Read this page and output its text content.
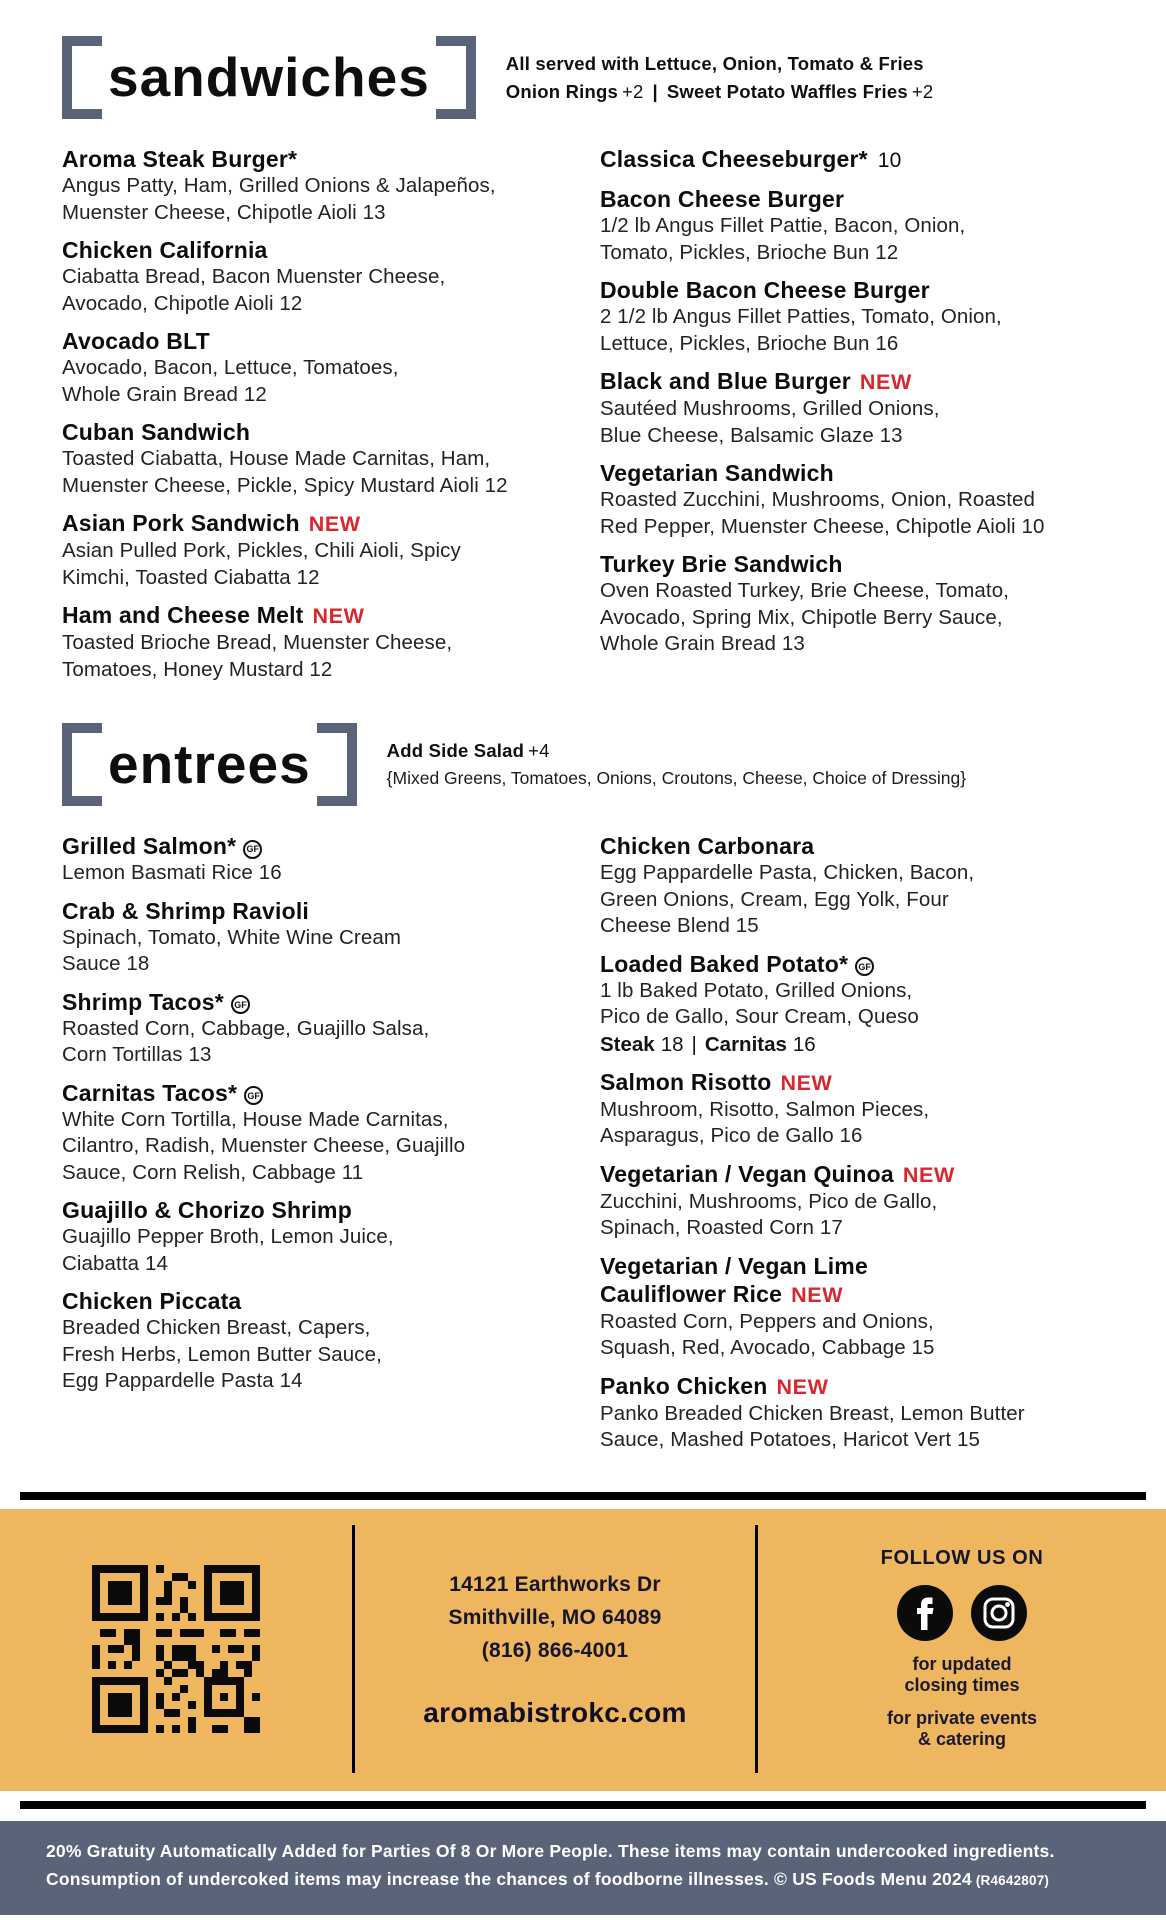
sandwiches	All served with Lettuce, Onion, Tomato & Fries
Onion Rings +2 | Sweet Potato Waffles Fries +2
Aroma Steak Burger*
Angus Patty, Ham, Grilled Onions & Jalapeños,
Muenster Cheese, Chipotle Aioli 13
Chicken California
Ciabatta Bread, Bacon Muenster Cheese,
Avocado, Chipotle Aioli 12
Avocado BLT
Avocado, Bacon, Lettuce, Tomatoes,
Whole Grain Bread 12
Cuban Sandwich
Toasted Ciabatta, House Made Carnitas, Ham,
Muenster Cheese, Pickle, Spicy Mustard Aioli 12
Asian Pork Sandwich NEW
Asian Pulled Pork, Pickles, Chili Aioli, Spicy
Kimchi, Toasted Ciabatta 12
Ham and Cheese Melt NEW
Toasted Brioche Bread, Muenster Cheese,
Tomatoes, Honey Mustard 12
Classica Cheeseburger* 10
Bacon Cheese Burger
1/2 lb Angus Fillet Pattie, Bacon, Onion,
Tomato, Pickles, Brioche Bun 12
Double Bacon Cheese Burger
2 1/2 lb Angus Fillet Patties, Tomato, Onion,
Lettuce, Pickles, Brioche Bun 16
Black and Blue Burger NEW
Sautéed Mushrooms, Grilled Onions,
Blue Cheese, Balsamic Glaze 13
Vegetarian Sandwich
Roasted Zucchini, Mushrooms, Onion, Roasted
Red Pepper, Muenster Cheese, Chipotle Aioli 10
Turkey Brie Sandwich
Oven Roasted Turkey, Brie Cheese, Tomato,
Avocado, Spring Mix, Chipotle Berry Sauce,
Whole Grain Bread 13
entrees	Add Side Salad +4
{Mixed Greens, Tomatoes, Onions, Croutons, Cheese, Choice of Dressing}
Grilled Salmon* GF
Lemon Basmati Rice 16
Crab & Shrimp Ravioli
Spinach, Tomato, White Wine Cream
Sauce 18
Shrimp Tacos* GF
Roasted Corn, Cabbage, Guajillo Salsa,
Corn Tortillas 13
Carnitas Tacos* GF
White Corn Tortilla, House Made Carnitas,
Cilantro, Radish, Muenster Cheese, Guajillo
Sauce, Corn Relish, Cabbage 11
Guajillo & Chorizo Shrimp
Guajillo Pepper Broth, Lemon Juice,
Ciabatta 14
Chicken Piccata
Breaded Chicken Breast, Capers,
Fresh Herbs, Lemon Butter Sauce,
Egg Pappardelle Pasta 14
Chicken Carbonara
Egg Pappardelle Pasta, Chicken, Bacon,
Green Onions, Cream, Egg Yolk, Four
Cheese Blend 15
Loaded Baked Potato* GF
1 lb Baked Potato, Grilled Onions,
Pico de Gallo, Sour Cream, Queso
Steak 18 | Carnitas 16
Salmon Risotto NEW
Mushroom, Risotto, Salmon Pieces,
Asparagus, Pico de Gallo 16
Vegetarian / Vegan Quinoa NEW
Zucchini, Mushrooms, Pico de Gallo,
Spinach, Roasted Corn 17
Vegetarian / Vegan Lime
Cauliflower Rice NEW
Roasted Corn, Peppers and Onions,
Squash, Red, Avocado, Cabbage 15
Panko Chicken NEW
Panko Breaded Chicken Breast, Lemon Butter
Sauce, Mashed Potatoes, Haricot Vert 15
14121 Earthworks Dr
Smithville, MO 64089
(816) 866-4001
aromabistrokc.com
FOLLOW US ON
for updated
closing times
for private events
& catering
20% Gratuity Automatically Added for Parties Of 8 Or More People. These items may contain undercooked ingredients.
Consumption of undercoked items may increase the chances of foodborne illnesses. © US Foods Menu 2024 (R4642807)
